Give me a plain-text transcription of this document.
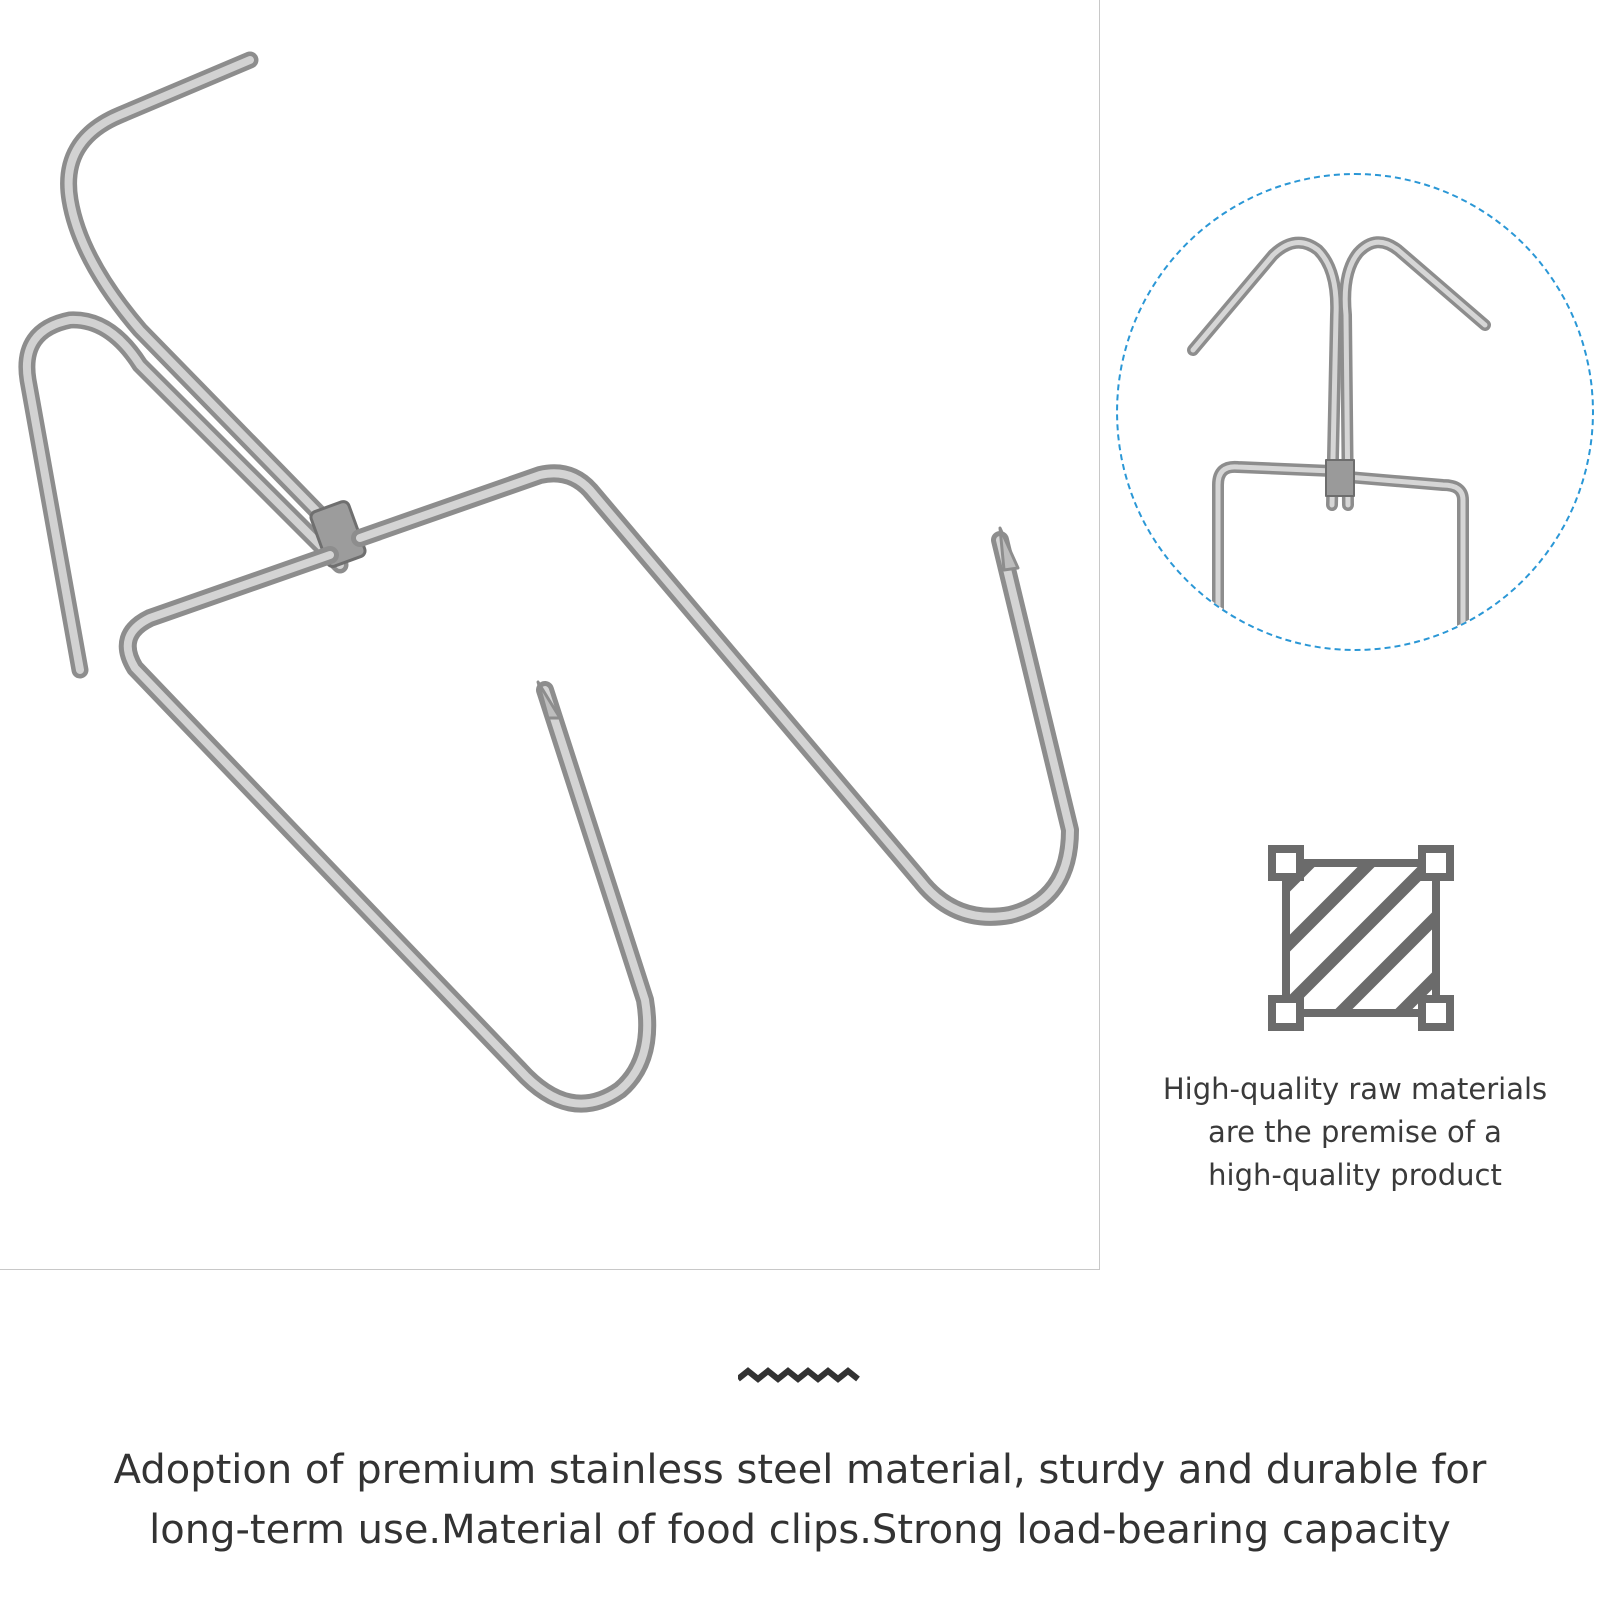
High-quality raw materials
are the premise of a
high-quality product
Adoption of premium stainless steel material, sturdy and durable for
long-term use.Material of food clips.Strong load-bearing capacity
